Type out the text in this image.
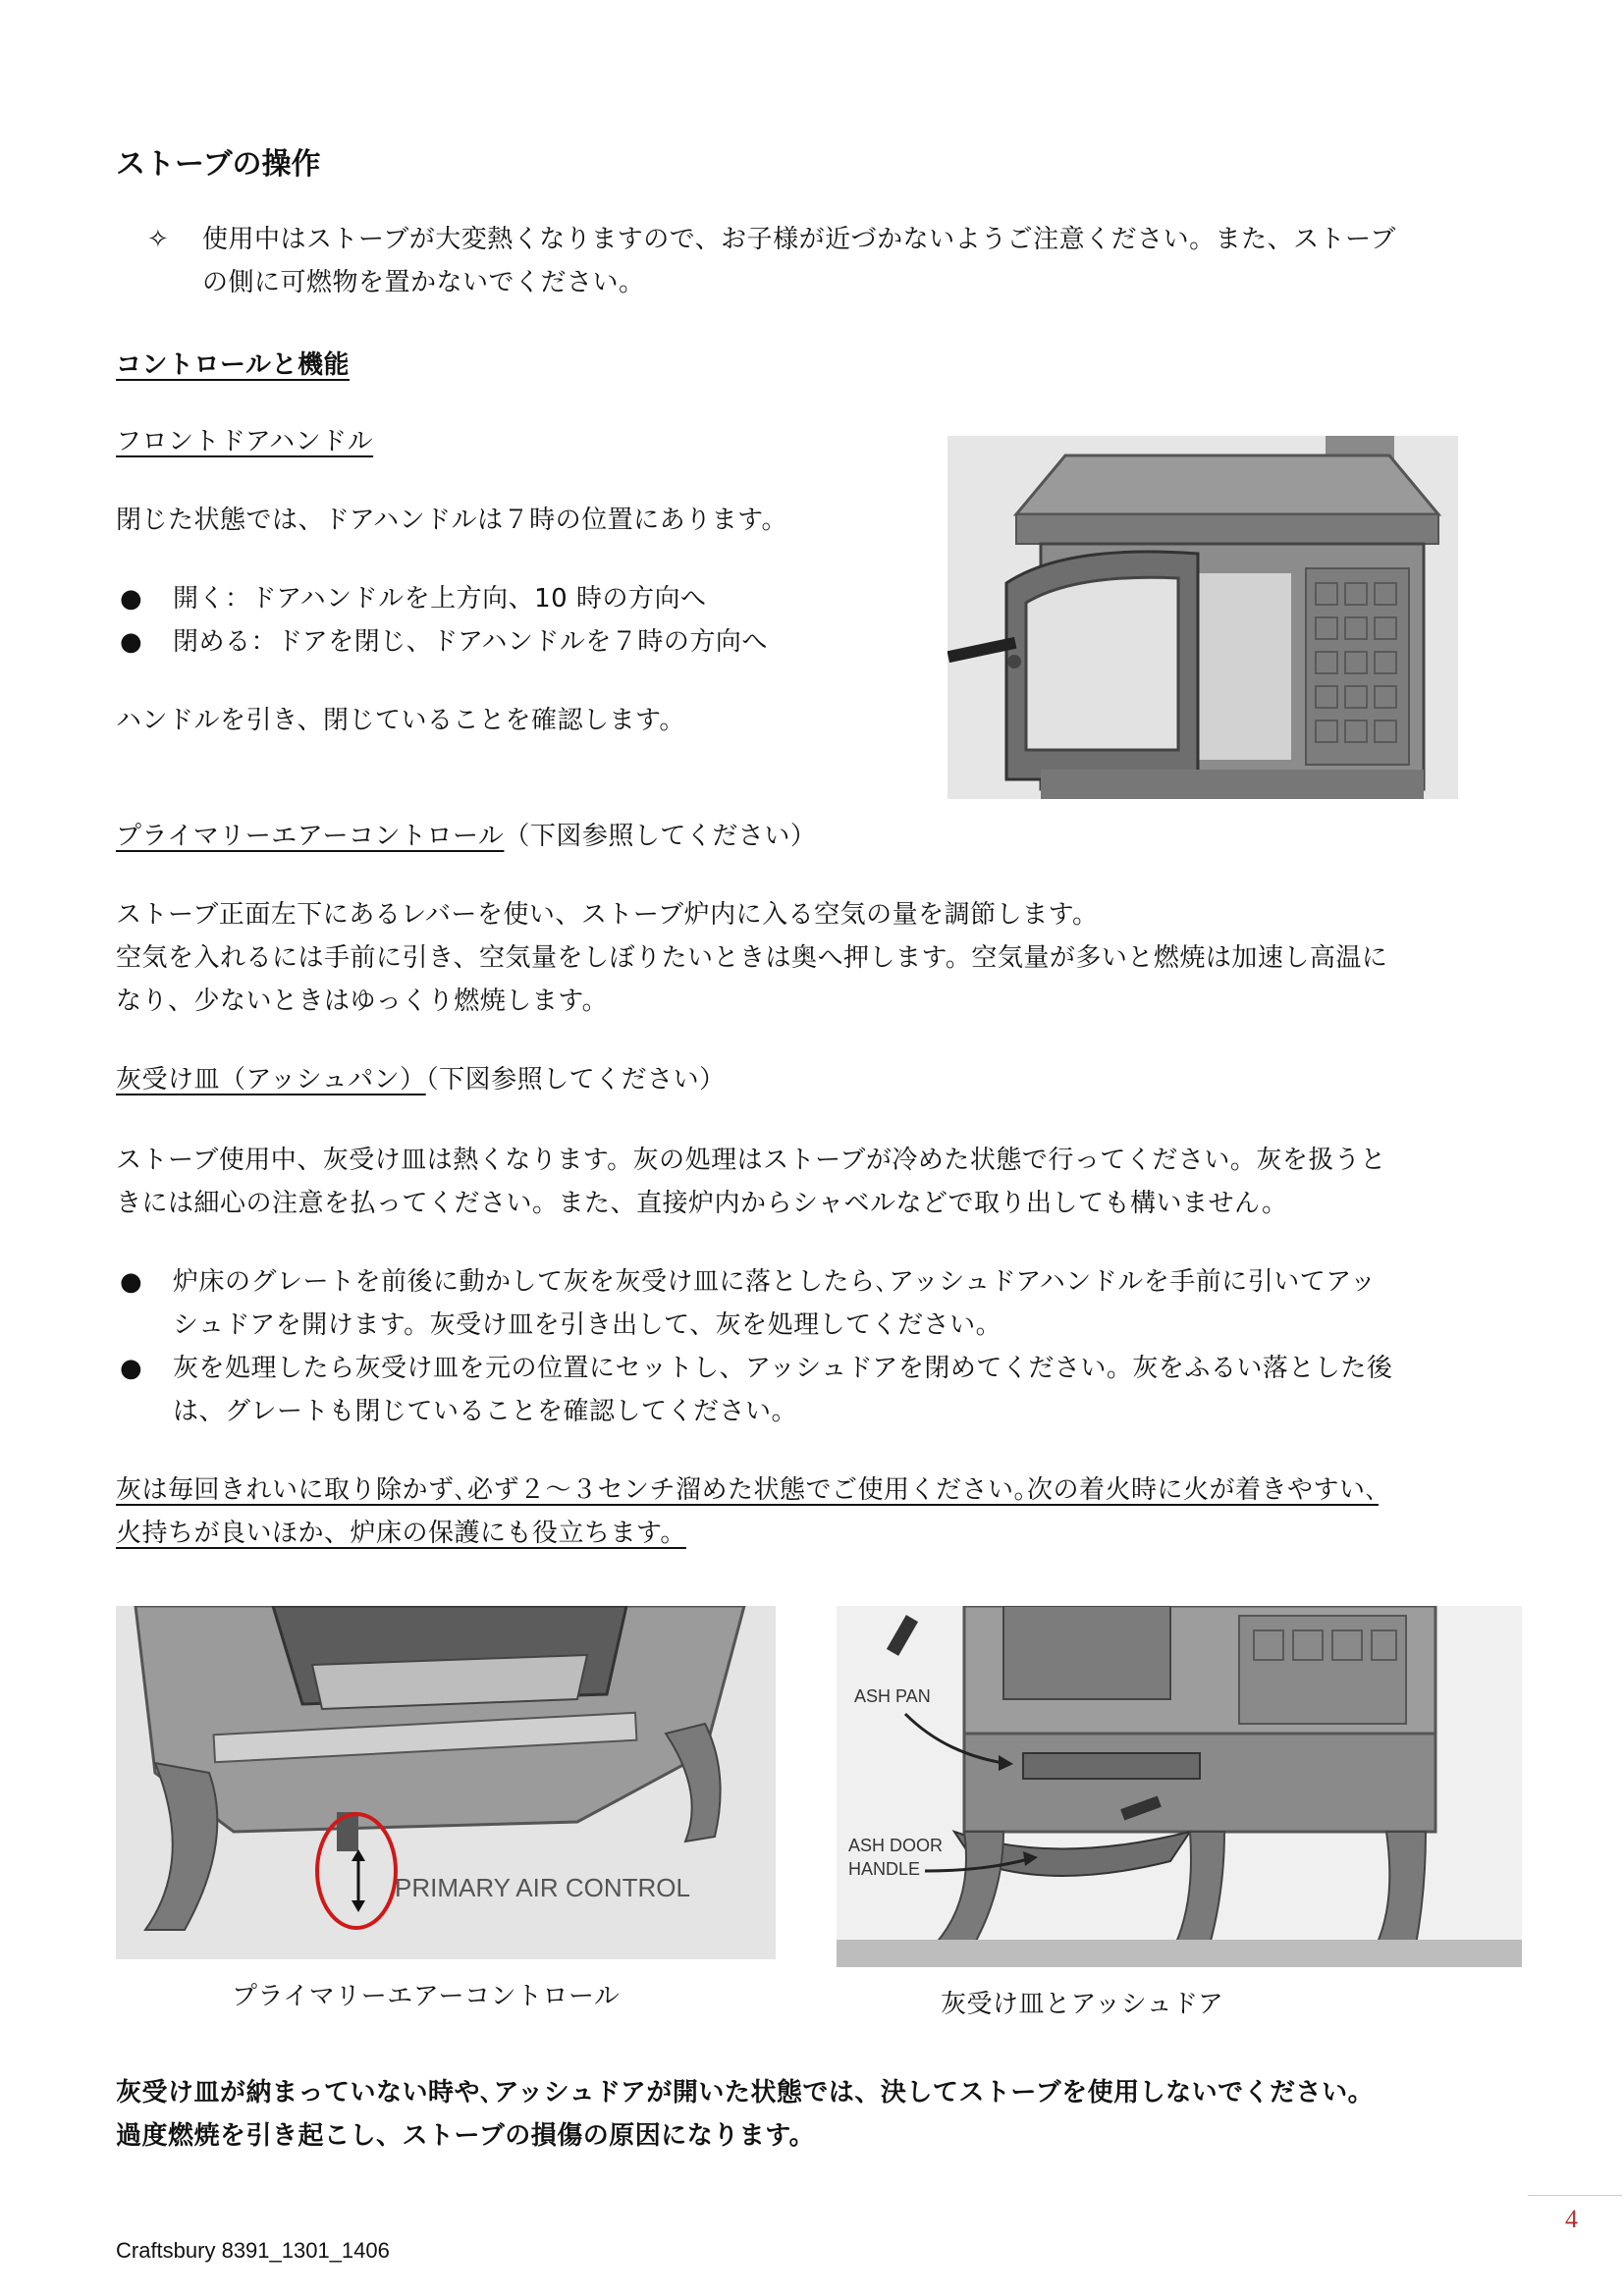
ストーブの操作
✧ 使用中はストーブが大変熱くなりますので、お子様が近づかないようご注意ください。また、ストーブ
の側に可燃物を置かないでください。
コントロールと機能
フロントドアハンドル
閉じた状態では、ドアハンドルは７時の位置にあります。
● 開く：ドアハンドルを上方向、10 時の方向へ
● 閉める：ドアを閉じ、ドアハンドルを７時の方向へ
ハンドルを引き、閉じていることを確認します。
プライマリーエアーコントロール（下図参照してください）
ストーブ正面左下にあるレバーを使い、ストーブ炉内に入る空気の量を調節します。
空気を入れるには手前に引き、空気量をしぼりたいときは奥へ押します。空気量が多いと燃焼は加速し高温に
なり、少ないときはゆっくり燃焼します。
灰受け皿（アッシュパン）（下図参照してください）
ストーブ使用中、灰受け皿は熱くなります。灰の処理はストーブが冷めた状態で行ってください。灰を扱うと
きには細心の注意を払ってください。また、直接炉内からシャベルなどで取り出しても構いません。
● 炉床のグレートを前後に動かして灰を灰受け皿に落としたら､アッシュドアハンドルを手前に引いてアッ
シュドアを開けます。灰受け皿を引き出して、灰を処理してください。
● 灰を処理したら灰受け皿を元の位置にセットし、アッシュドアを閉めてください。灰をふるい落とした後
は、グレートも閉じていることを確認してください。
灰は毎回きれいに取り除かず､必ず２～３センチ溜めた状態でご使用ください｡次の着火時に火が着きやすい､
火持ちが良いほか、炉床の保護にも役立ちます。
PRIMARY AIR CONTROL
プライマリーエアーコントロール
ASH PAN
ASH DOOR
HANDLE
灰受け皿とアッシュドア
灰受け皿が納まっていない時や､アッシュドアが開いた状態では、決してストーブを使用しないでください｡
過度燃焼を引き起こし、ストーブの損傷の原因になります。
4
Craftsbury 8391_1301_1406
